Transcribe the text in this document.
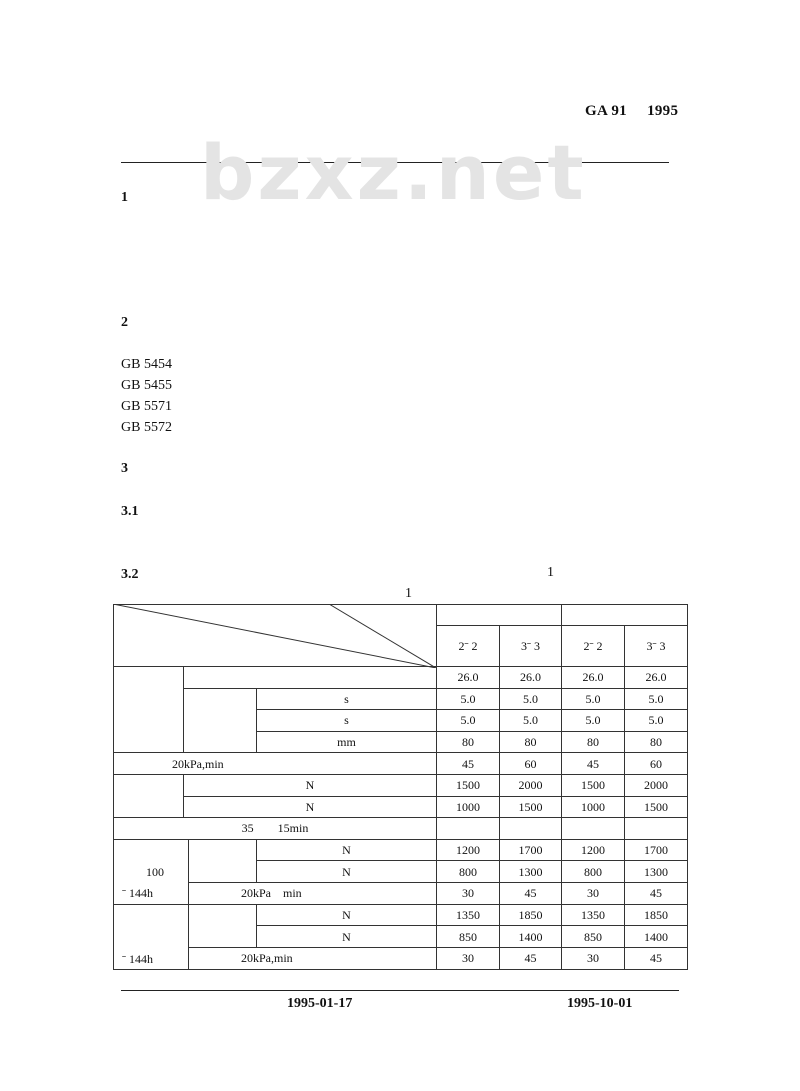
GA 91 1995
bzxz.net
1
2
GB 5454
GB 5455
GB 5571
GB 5572
3
3.1
3.2	1
1

				2ˉ 2	3ˉ 3	2ˉ 2	3ˉ 3
				26.0	26.0	26.0	26.0
			s	5.0	5.0	5.0	5.0
			s	5.0	5.0	5.0	5.0
			mm	80	80	80	80
20kPa,min				45	60	45	60
	N			1500	2000	1500	2000
	N			1000	1500	1000	1500
35　　15min							

100
ˉ 144h			N	1200	1700	1200	1700
			N	800	1300	800	1300
		20kPa　min		30	45	30	45

ˉ 144h			N	1350	1850	1350	1850
			N	850	1400	850	1400
		20kPa,min		30	45	30	45
1995-01-17	1995-10-01
